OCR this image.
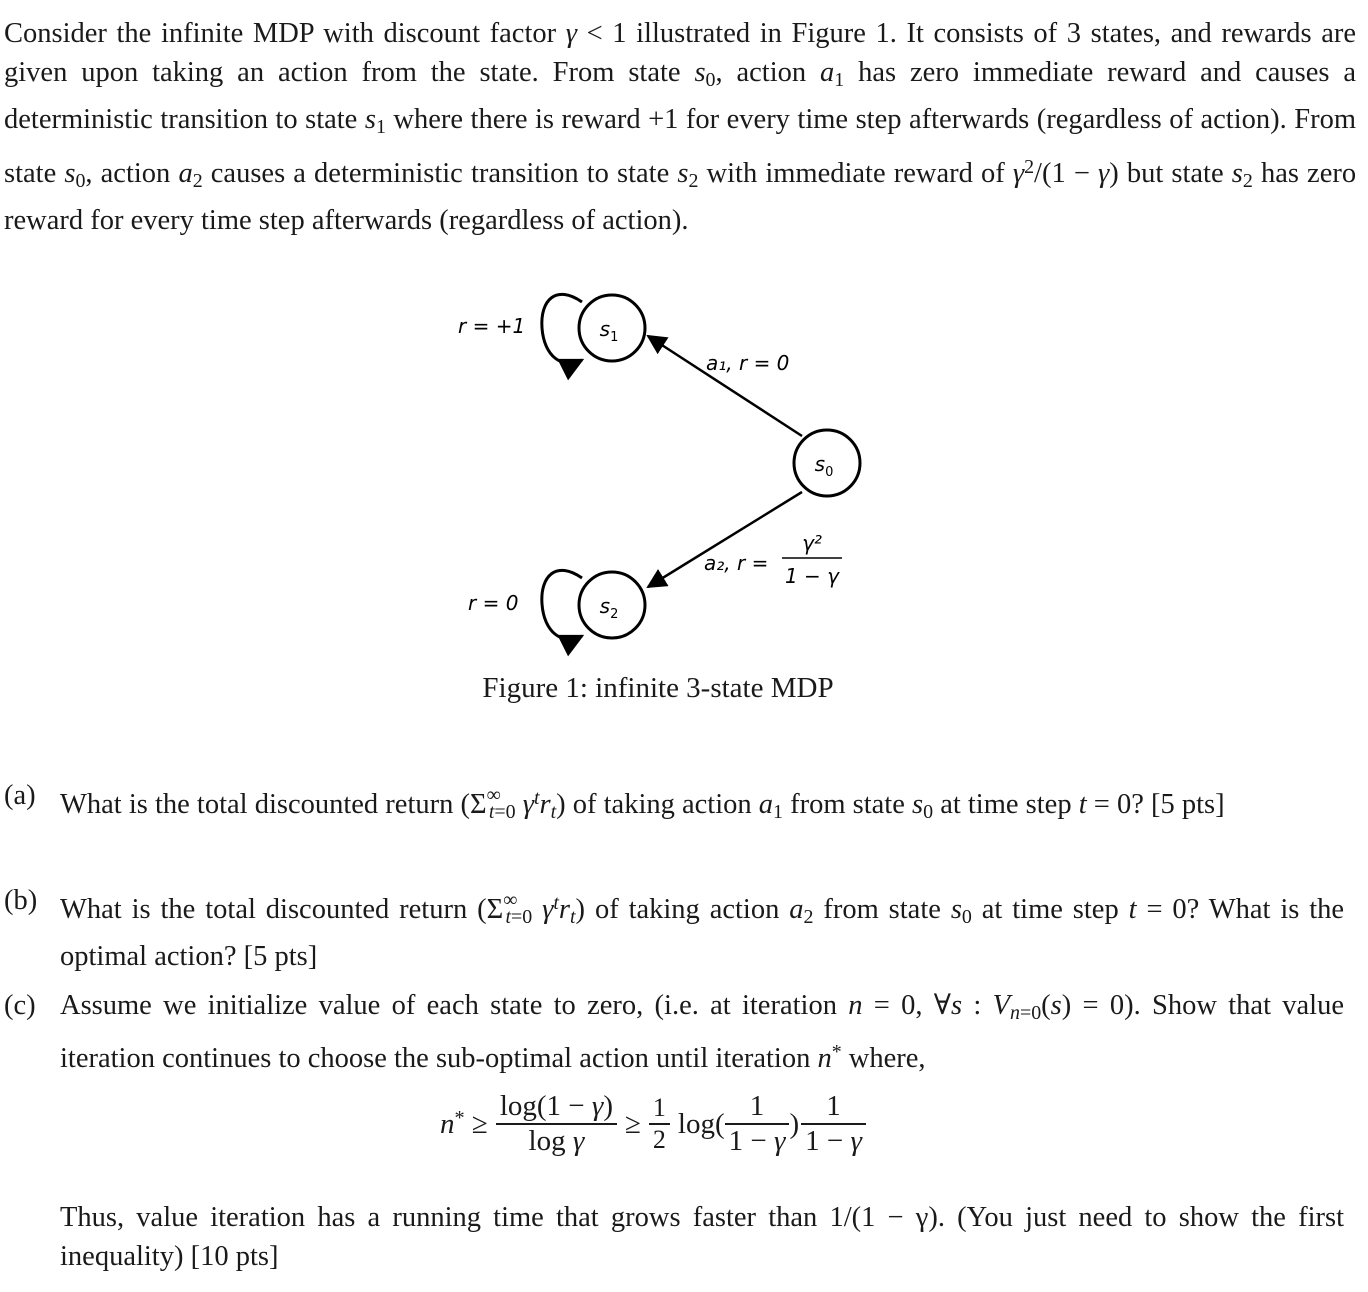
Consider the infinite MDP with discount factor γ < 1 illustrated in Figure 1. It consists of 3 states, and rewards are given upon taking an action from the state. From state $s_0$, action $a_1$ has zero immediate reward and causes a deterministic transition to state $s_1$ where there is reward +1 for every time step afterwards (regardless of action). From state $s_0$, action $a_2$ causes a deterministic transition to state $s_2$ with immediate reward of $\gamma^2/(1 - \gamma)$ but state $s_2$ has zero reward for every time step afterwards (regardless of action).
$s_1$
$s_0$
$s_2$
r = +1
r = 0
a₁, r = 0
a₂, r =
γ²
1 − γ
Figure 1: infinite 3-state MDP
(a) What is the total discounted return ($\Sigma^\infty_{t=0}$ $\gamma^tr_t$) of taking action $a_1$ from state $s_0$ at time step t = 0? [5 pts]
(b) What is the total discounted return ($\Sigma^\infty_{t=0}$ $\gamma^tr_t$) of taking action $a_2$ from state $s_0$ at time step t = 0? What is the optimal action? [5 pts]
(c) Assume we initialize value of each state to zero, (i.e. at iteration n = 0, ∀s : $V_{n=0}(s) = 0$). Show that value iteration continues to choose the sub-optimal action until iteration n* where,
$n^* \ge \frac{\log(1 - \gamma)}{\text{log γ}} \ge \frac{1}{2} \log( \frac{1}{1 - \gamma}$ ) $\frac{1}{1 - \gamma}$
Thus, value iteration has a running time that grows faster than 1/(1 − γ). (You just need to show the first inequality) [10 pts]
